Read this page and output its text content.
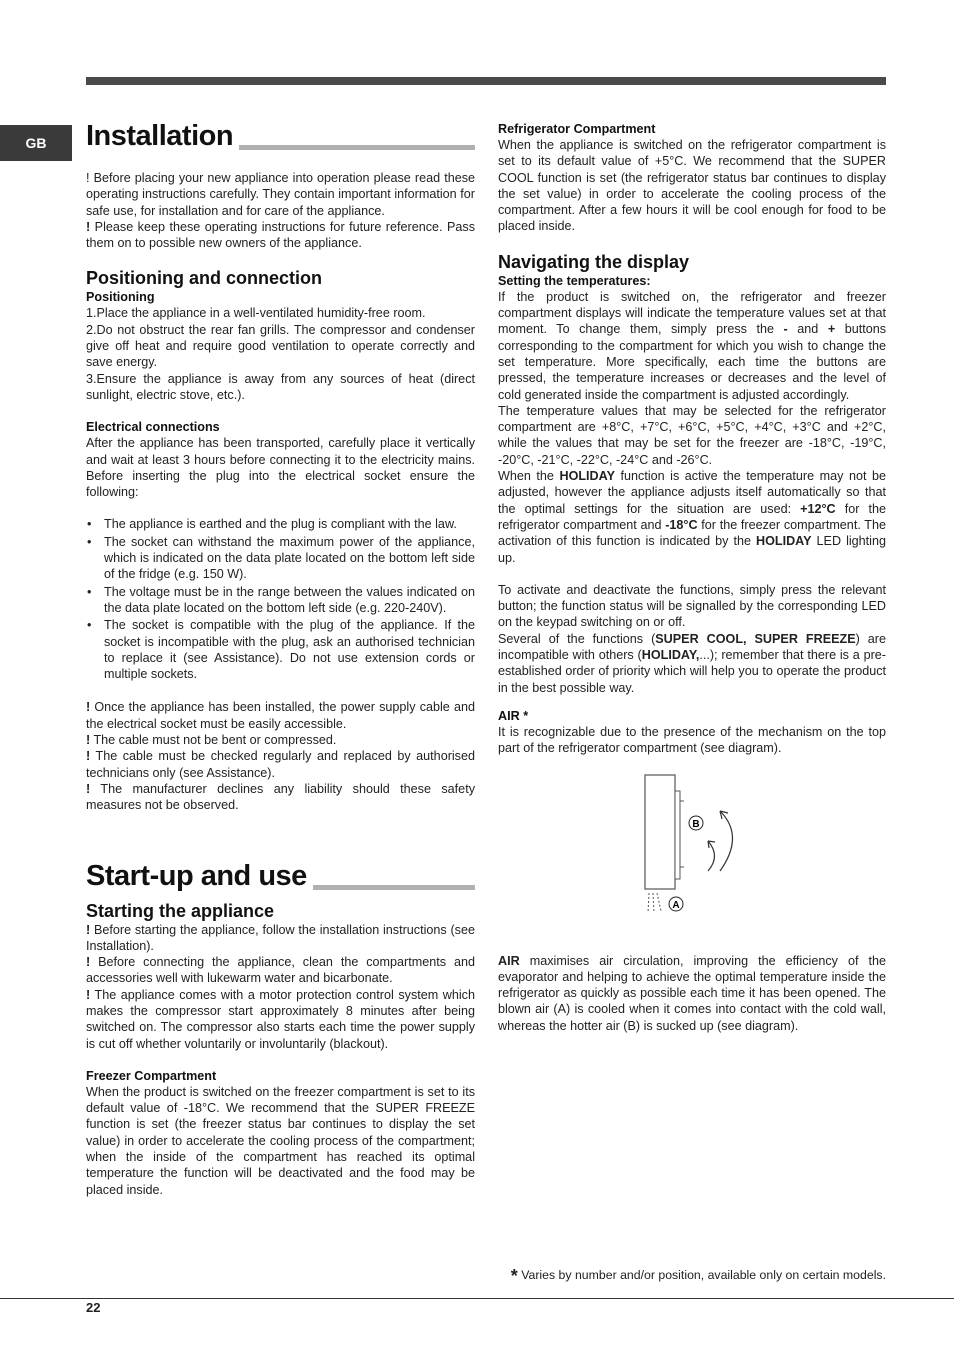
GB	Installation

! Before placing your new appliance into operation please read these operating instructions carefully. They contain important information for safe use, for installation and for care of the appliance.

! Please keep these operating instructions for future reference. Pass them on to possible new owners of the appliance.

Positioning and connection
Positioning

1.Place the appliance in a well-ventilated humidity-free room.

2.Do not obstruct the rear fan grills. The compressor and condenser give off heat and require good ventilation to operate correctly and save energy.

3.Ensure the appliance is away from any sources of heat (direct sunlight, electric stove, etc.).

Electrical connections

After the appliance has been transported, carefully place it vertically and wait at least 3 hours before connecting it to the electricity mains. Before inserting the plug into the electrical socket ensure the following:

• The appliance is earthed and the plug is compliant with the law.
• The socket can withstand the maximum power of the appliance, which is indicated on the data plate located on the bottom left side of the fridge (e.g. 150 W).
• The voltage must be in the range between the values indicated on the data plate located on the bottom left side (e.g. 220-240V).
• The socket is compatible with the plug of the appliance. If the socket is incompatible with the plug, ask an authorised technician to replace it (see Assistance). Do not use extension cords or multiple sockets.

! Once the appliance has been installed, the power supply cable and the electrical socket must be easily accessible.

! The cable must not be bent or compressed.

! The cable must be checked regularly and replaced by authorised technicians only (see Assistance).

! The manufacturer declines any liability should these safety measures not be observed.

Start-up and use
Starting the appliance

! Before starting the appliance, follow the installation instructions (see Installation).

! Before connecting the appliance, clean the compartments and accessories well with lukewarm water and bicarbonate.

! The appliance comes with a motor protection control system which makes the compressor start approximately 8 minutes after being switched on. The compressor also starts each time the power supply is cut off whether voluntarily or involuntarily (blackout).

Freezer Compartment

When the product is switched on the freezer compartment is set to its default value of -18°C. We recommend that the SUPER FREEZE function is set (the freezer status bar continues to display the set value) in order to accelerate the cooling process of the compartment; when the inside of the compartment has reached its optimal temperature the function will be deactivated and the food may be placed inside.

Refrigerator Compartment

When the appliance is switched on the refrigerator compartment is set to its default value of +5°C. We recommend that the SUPER COOL function is set (the refrigerator status bar continues to display the set value) in order to accelerate the cooling process of the compartment. After a few hours it will be cool enough for food to be placed inside.

Navigating the display
Setting the temperatures:

If the product is switched on, the refrigerator and freezer compartment displays will indicate the temperature values set at that moment. To change them, simply press the - and + buttons corresponding to the compartment for which you wish to change the set temperature. More specifically, each time the buttons are pressed, the temperature increases or decreases and the level of cold generated inside the compartment is adjusted accordingly.

The temperature values that may be selected for the refrigerator compartment are +8°C, +7°C, +6°C, +5°C, +4°C, +3°C and +2°C, while the values that may be set for the freezer are -18°C, -19°C, -20°C, -21°C, -22°C, -24°C and -26°C.

When the HOLIDAY function is active the temperature may not be adjusted, however the appliance adjusts itself automatically so that the optimal settings for the situation are used: +12°C for the refrigerator compartment and -18°C for the freezer compartment. The activation of this function is indicated by the HOLIDAY LED lighting up.

To activate and deactivate the functions, simply press the relevant button; the function status will be signalled by the corresponding LED on the keypad switching on or off.

Several of the functions (SUPER COOL, SUPER FREEZE) are incompatible with others (HOLIDAY,...); remember that there is a pre-established order of priority which will help you to operate the product in the best possible way.

AIR *

It is recognizable due to the presence of the mechanism on the top part of the refrigerator compartment (see diagram).

B
A

AIR maximises air circulation, improving the efficiency of the evaporator and helping to achieve the optimal temperature inside the refrigerator as quickly as possible each time it has been opened. The blown air (A) is cooled when it comes into contact with the cold wall, whereas the hotter air (B) is sucked up (see diagram).

* Varies by number and/or position, available only on certain models.
22
